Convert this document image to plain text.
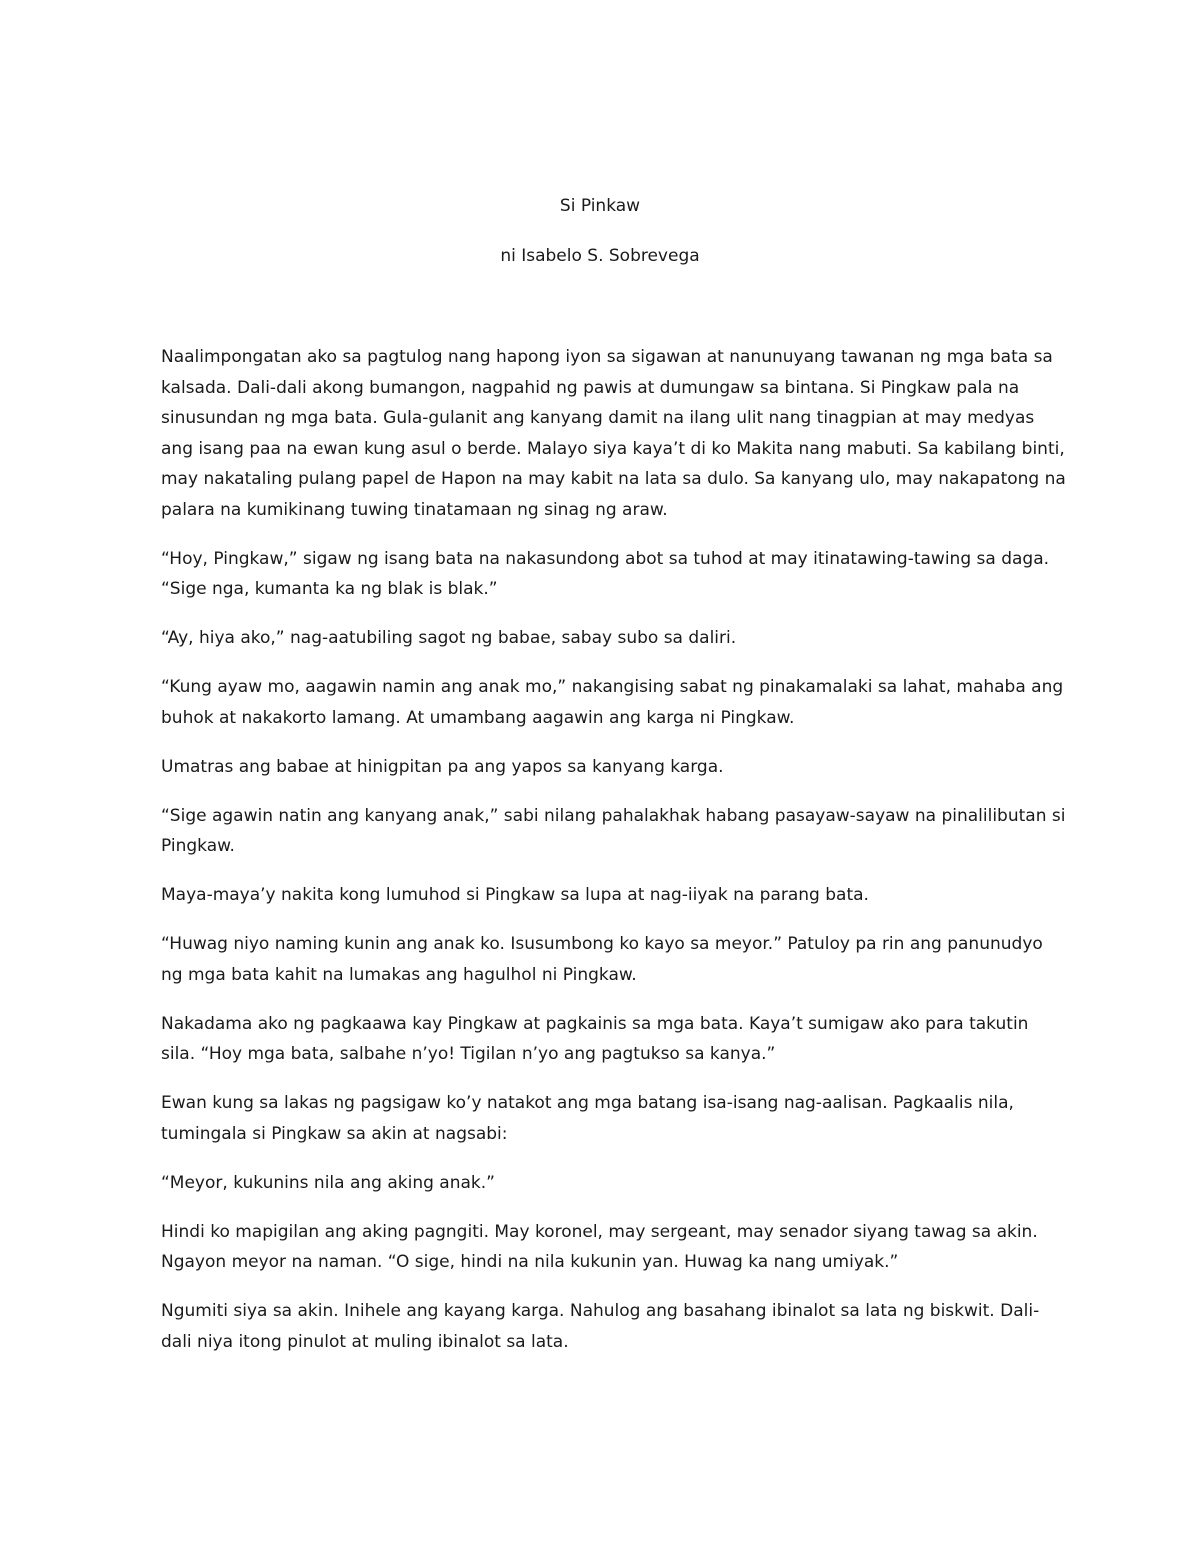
Si Pinkaw
ni Isabelo S. Sobrevega

Naalimpongatan ako sa pagtulog nang hapong iyon sa sigawan at nanunuyang tawanan ng mga bata sa kalsada. Dali-dali akong bumangon, nagpahid ng pawis at dumungaw sa bintana. Si Pingkaw pala na sinusundan ng mga bata. Gula-gulanit ang kanyang damit na ilang ulit nang tinagpian at may medyas ang isang paa na ewan kung asul o berde. Malayo siya kaya’t di ko Makita nang mabuti. Sa kabilang binti, may nakataling pulang papel de Hapon na may kabit na lata sa dulo. Sa kanyang ulo, may nakapatong na palara na kumikinang tuwing tinatamaan ng sinag ng araw.

“Hoy, Pingkaw,” sigaw ng isang bata na nakasundong abot sa tuhod at may itinatawing-tawing sa daga. “Sige nga, kumanta ka ng blak is blak.”

“Ay, hiya ako,” nag-aatubiling sagot ng babae, sabay subo sa daliri.

“Kung ayaw mo, aagawin namin ang anak mo,” nakangising sabat ng pinakamalaki sa lahat, mahaba ang buhok at nakakorto lamang. At umambang aagawin ang karga ni Pingkaw.

Umatras ang babae at hinigpitan pa ang yapos sa kanyang karga.

“Sige agawin natin ang kanyang anak,” sabi nilang pahalakhak habang pasayaw-sayaw na pinalilibutan si Pingkaw.

Maya-maya’y nakita kong lumuhod si Pingkaw sa lupa at nag-iiyak na parang bata.

“Huwag niyo naming kunin ang anak ko. Isusumbong ko kayo sa meyor.” Patuloy pa rin ang panunudyo ng mga bata kahit na lumakas ang hagulhol ni Pingkaw.

Nakadama ako ng pagkaawa kay Pingkaw at pagkainis sa mga bata. Kaya’t sumigaw ako para takutin sila. “Hoy mga bata, salbahe n’yo! Tigilan n’yo ang pagtukso sa kanya.”

Ewan kung sa lakas ng pagsigaw ko’y natakot ang mga batang isa-isang nag-aalisan. Pagkaalis nila, tumingala si Pingkaw sa akin at nagsabi:

“Meyor, kukunins nila ang aking anak.”

Hindi ko mapigilan ang aking pagngiti. May koronel, may sergeant, may senador siyang tawag sa akin. Ngayon meyor na naman. “O sige, hindi na nila kukunin yan. Huwag ka nang umiyak.”

Ngumiti siya sa akin. Inihele ang kayang karga. Nahulog ang basahang ibinalot sa lata ng biskwit. Dali-dali niya itong pinulot at muling ibinalot sa lata.
